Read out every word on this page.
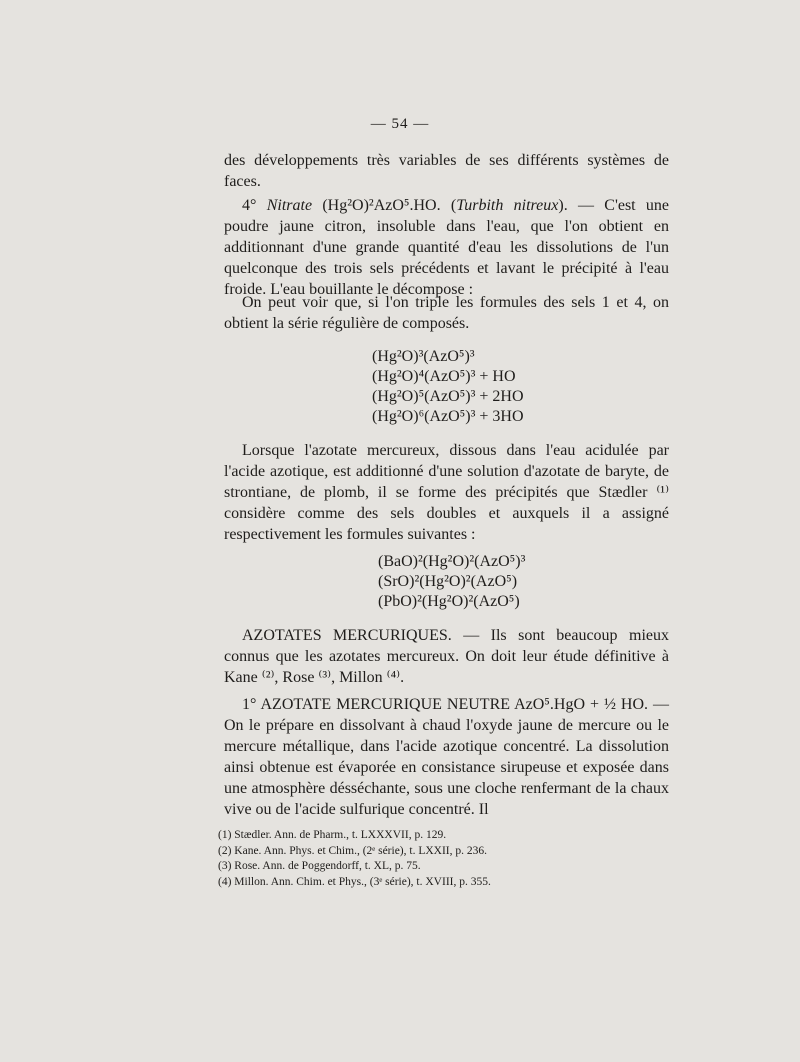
— 54 —

des développements très variables de ses différents systèmes de faces.

4° Nitrate (Hg²O)²AzO⁵.HO. (Turbith nitreux). — C'est une poudre jaune citron, insoluble dans l'eau, que l'on obtient en additionnant d'une grande quantité d'eau les dissolutions de l'un quelconque des trois sels précédents et lavant le précipité à l'eau froide. L'eau bouillante le décompose :

On peut voir que, si l'on triple les formules des sels 1 et 4, on obtient la série régulière de composés.

(Hg²O)³(AzO⁵)³
(Hg²O)⁴(AzO⁵)³ + HO
(Hg²O)⁵(AzO⁵)³ + 2HO
(Hg²O)⁶(AzO⁵)³ + 3HO

Lorsque l'azotate mercureux, dissous dans l'eau acidulée par l'acide azotique, est additionné d'une solution d'azotate de baryte, de strontiane, de plomb, il se forme des précipités que Stædler ⁽¹⁾ considère comme des sels doubles et auxquels il a assigné respectivement les formules suivantes :

(BaO)²(Hg²O)²(AzO⁵)³
(SrO)²(Hg²O)²(AzO⁵)
(PbO)²(Hg²O)²(AzO⁵)

AZOTATES MERCURIQUES. — Ils sont beaucoup mieux connus que les azotates mercureux. On doit leur étude définitive à Kane ⁽²⁾, Rose ⁽³⁾, Millon ⁽⁴⁾.

1° AZOTATE MERCURIQUE NEUTRE AzO⁵.HgO + ½ HO. — On le prépare en dissolvant à chaud l'oxyde jaune de mercure ou le mercure métallique, dans l'acide azotique concentré. La dissolution ainsi obtenue est évaporée en consistance sirupeuse et exposée dans une atmosphère désséchante, sous une cloche renfermant de la chaux vive ou de l'acide sulfurique concentré. Il

(1) Stædler. Ann. de Pharm., t. LXXXVII, p. 129.
(2) Kane. Ann. Phys. et Chim., (2ᵉ série), t. LXXII, p. 236.
(3) Rose. Ann. de Poggendorff, t. XL, p. 75.
(4) Millon. Ann. Chim. et Phys., (3ᵉ série), t. XVIII, p. 355.
